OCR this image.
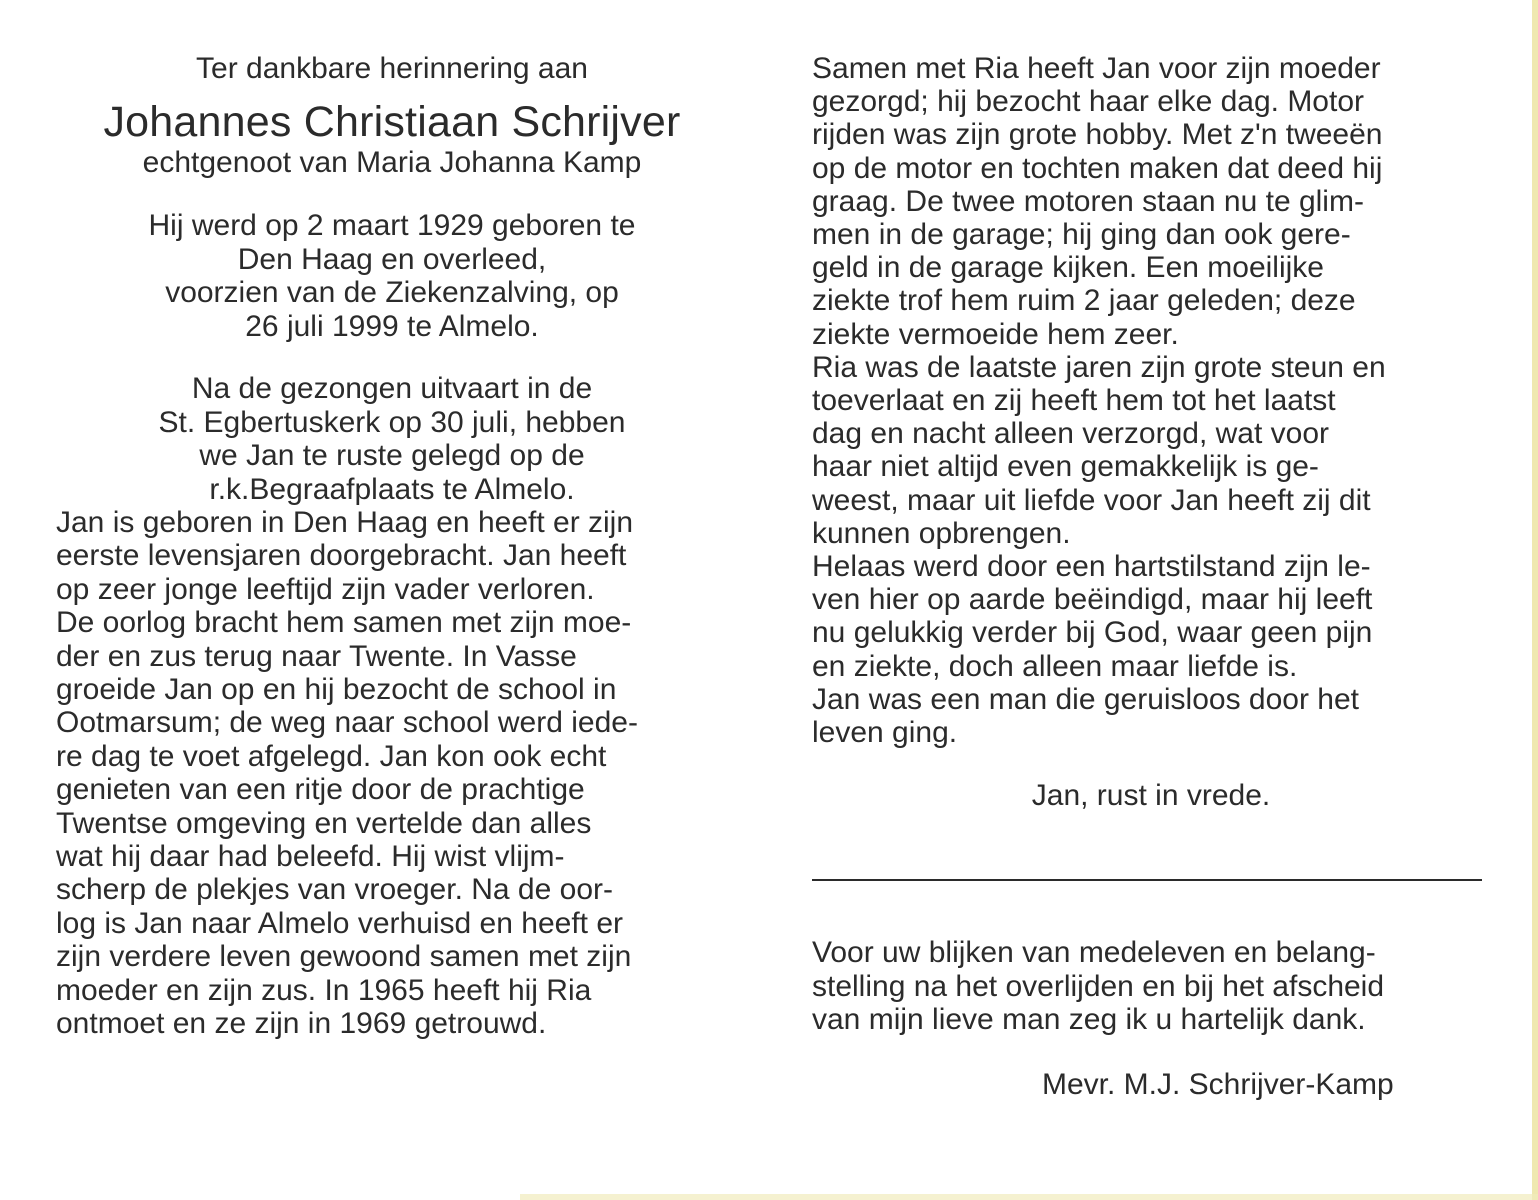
Ter dankbare herinnering aan

Johannes Christiaan Schrijver

echtgenoot van Maria Johanna Kamp

Hij werd op 2 maart 1929 geboren te
Den Haag en overleed,
voorzien van de Ziekenzalving, op
26 juli 1999 te Almelo.
Na de gezongen uitvaart in de
St. Egbertuskerk op 30 juli, hebben
we Jan te ruste gelegd op de
r.k.Begraafplaats te Almelo.
Jan is geboren in Den Haag en heeft er zijn
eerste levensjaren doorgebracht. Jan heeft
op zeer jonge leeftijd zijn vader verloren.
De oorlog bracht hem samen met zijn moe-
der en zus terug naar Twente. In Vasse
groeide Jan op en hij bezocht de school in
Ootmarsum; de weg naar school werd iede-
re dag te voet afgelegd. Jan kon ook echt
genieten van een ritje door de prachtige
Twentse omgeving en vertelde dan alles
wat hij daar had beleefd. Hij wist vlijm-
scherp de plekjes van vroeger. Na de oor-
log is Jan naar Almelo verhuisd en heeft er
zijn verdere leven gewoond samen met zijn
moeder en zijn zus. In 1965 heeft hij Ria
ontmoet en ze zijn in 1969 getrouwd.
Samen met Ria heeft Jan voor zijn moeder
gezorgd; hij bezocht haar elke dag. Motor
rijden was zijn grote hobby. Met z'n tweeën
op de motor en tochten maken dat deed hij
graag. De twee motoren staan nu te glim-
men in de garage; hij ging dan ook gere-
geld in de garage kijken. Een moeilijke
ziekte trof hem ruim 2 jaar geleden; deze
ziekte vermoeide hem zeer.
Ria was de laatste jaren zijn grote steun en
toeverlaat en zij heeft hem tot het laatst
dag en nacht alleen verzorgd, wat voor
haar niet altijd even gemakkelijk is ge-
weest, maar uit liefde voor Jan heeft zij dit
kunnen opbrengen.
Helaas werd door een hartstilstand zijn le-
ven hier op aarde beëindigd, maar hij leeft
nu gelukkig verder bij God, waar geen pijn
en ziekte, doch alleen maar liefde is.
Jan was een man die geruisloos door het
leven ging.

Jan, rust in vrede.

Voor uw blijken van medeleven en belang-
stelling na het overlijden en bij het afscheid
van mijn lieve man zeg ik u hartelijk dank.

Mevr. M.J. Schrijver-Kamp
